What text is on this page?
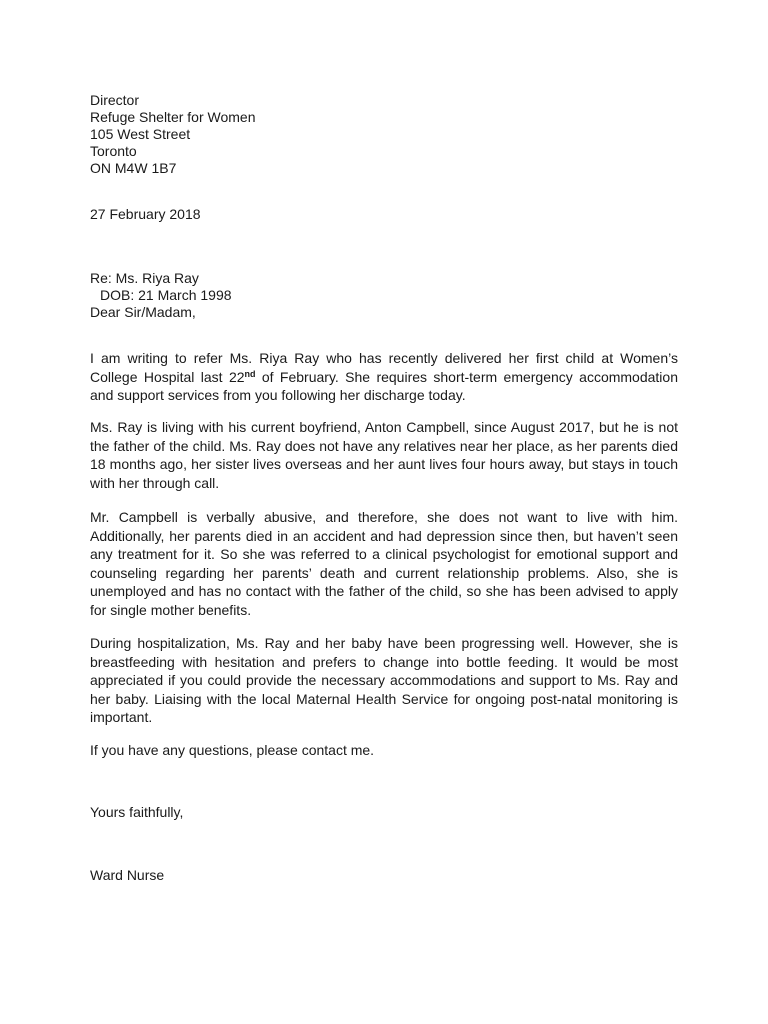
Director
Refuge Shelter for Women
105 West Street
Toronto
ON M4W 1B7
27 February 2018
Re: Ms. Riya Ray
DOB: 21 March 1998
Dear Sir/Madam,

I am writing to refer Ms. Riya Ray who has recently delivered her first child at Women’s College Hospital last 22nd of February. She requires short-term emergency accommodation and support services from you following her discharge today.

Ms. Ray is living with his current boyfriend, Anton Campbell, since August 2017, but he is not the father of the child. Ms. Ray does not have any relatives near her place, as her parents died 18 months ago, her sister lives overseas and her aunt lives four hours away, but stays in touch with her through call.

Mr. Campbell is verbally abusive, and therefore, she does not want to live with him. Additionally, her parents died in an accident and had depression since then, but haven’t seen any treatment for it. So she was referred to a clinical psychologist for emotional support and counseling regarding her parents’ death and current relationship problems. Also, she is unemployed and has no contact with the father of the child, so she has been advised to apply for single mother benefits.

During hospitalization, Ms. Ray and her baby have been progressing well. However, she is breastfeeding with hesitation and prefers to change into bottle feeding. It would be most appreciated if you could provide the necessary accommodations and support to Ms. Ray and her baby. Liaising with the local Maternal Health Service for ongoing post-natal monitoring is important.

If you have any questions, please contact me.

Yours faithfully,
Ward Nurse
